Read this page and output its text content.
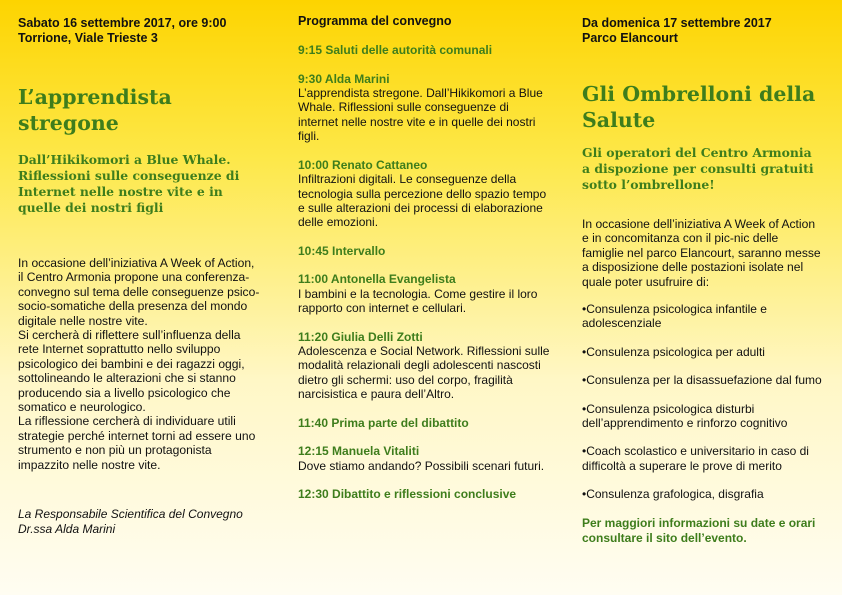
Sabato 16 settembre 2017, ore 9:00
Torrione, Viale Trieste 3
L’apprendista stregone
Dall’Hikikomori a Blue Whale. Riflessioni sulle conseguenze di Internet nelle nostre vite e in quelle dei nostri figli

In occasione dell’iniziativa A Week of Action, il Centro Armonia propone una conferenza-convegno sul tema delle conseguenze psico-socio-somatiche della presenza del mondo digitale nelle nostre vite.

Si cercherà di riflettere sull’influenza della rete Internet soprattutto nello sviluppo psicologico dei bambini e dei ragazzi oggi, sottolineando le alterazioni che si stanno producendo sia a livello psicologico che somatico e neurologico.

La riflessione cercherà di individuare utili strategie perché internet torni ad essere uno strumento e non più un protagonista impazzito nelle nostre vite.

La Responsabile Scientifica del Convegno
Dr.ssa Alda Marini
Programma del convegno
9:15 Saluti delle autorità comunali
9:30 Alda Marini
L’apprendista stregone. Dall’Hikikomori a Blue Whale. Riflessioni sulle conseguenze di internet nelle nostre vite e in quelle dei nostri figli.
10:00 Renato Cattaneo
Infiltrazioni digitali. Le conseguenze della tecnologia sulla percezione dello spazio tempo e sulle alterazioni dei processi di elaborazione delle emozioni.
10:45 Intervallo
11:00 Antonella Evangelista
I bambini e la tecnologia. Come gestire il loro rapporto con internet e cellulari.
11:20 Giulia Delli Zotti
Adolescenza e Social Network. Riflessioni sulle modalità relazionali degli adolescenti nascosti dietro gli schermi: uso del corpo, fragilità narcisistica e paura dell’Altro.
11:40 Prima parte del dibattito
12:15 Manuela Vitaliti
Dove stiamo andando? Possibili scenari futuri.
12:30 Dibattito e riflessioni conclusive
Da domenica 17 settembre 2017
Parco Elancourt
Gli Ombrelloni della Salute
Gli operatori del Centro Armonia a dispozione per consulti gratuiti sotto l’ombrellone!

In occasione dell’iniziativa A Week of Action e in concomitanza con il pic-nic delle famiglie nel parco Elancourt, saranno messe a disposizione delle postazioni isolate nel quale poter usufruire di:

•Consulenza psicologica infantile e adolescenziale
•Consulenza psicologica per adulti
•Consulenza per la disassuefazione dal fumo
•Consulenza psicologica disturbi dell’apprendimento e rinforzo cognitivo
•Coach scolastico e universitario in caso di difficoltà a superare le prove di merito
•Consulenza grafologica, disgrafia
Per maggiori informazioni su date e orari consultare il sito dell’evento.
